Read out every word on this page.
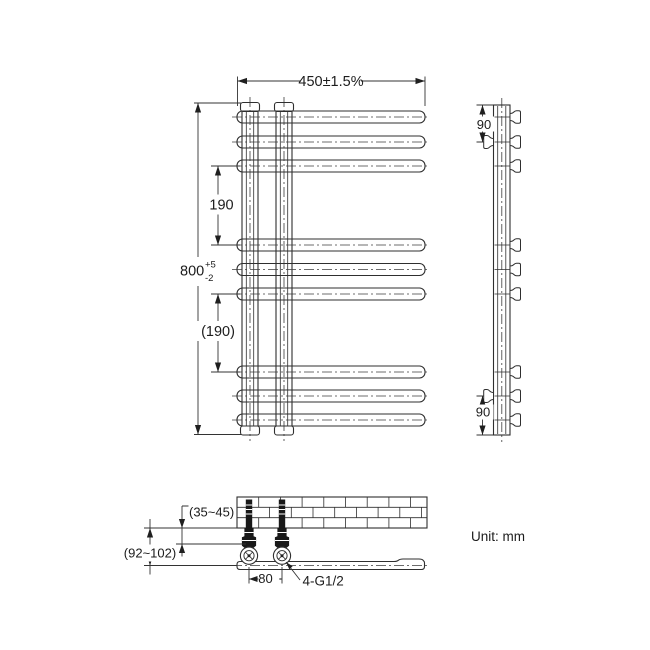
450±1.5%
800 +5
-2
190
(190)
90
90
(35~45)
(92~102)
80 4-G1/2
Unit: mm
